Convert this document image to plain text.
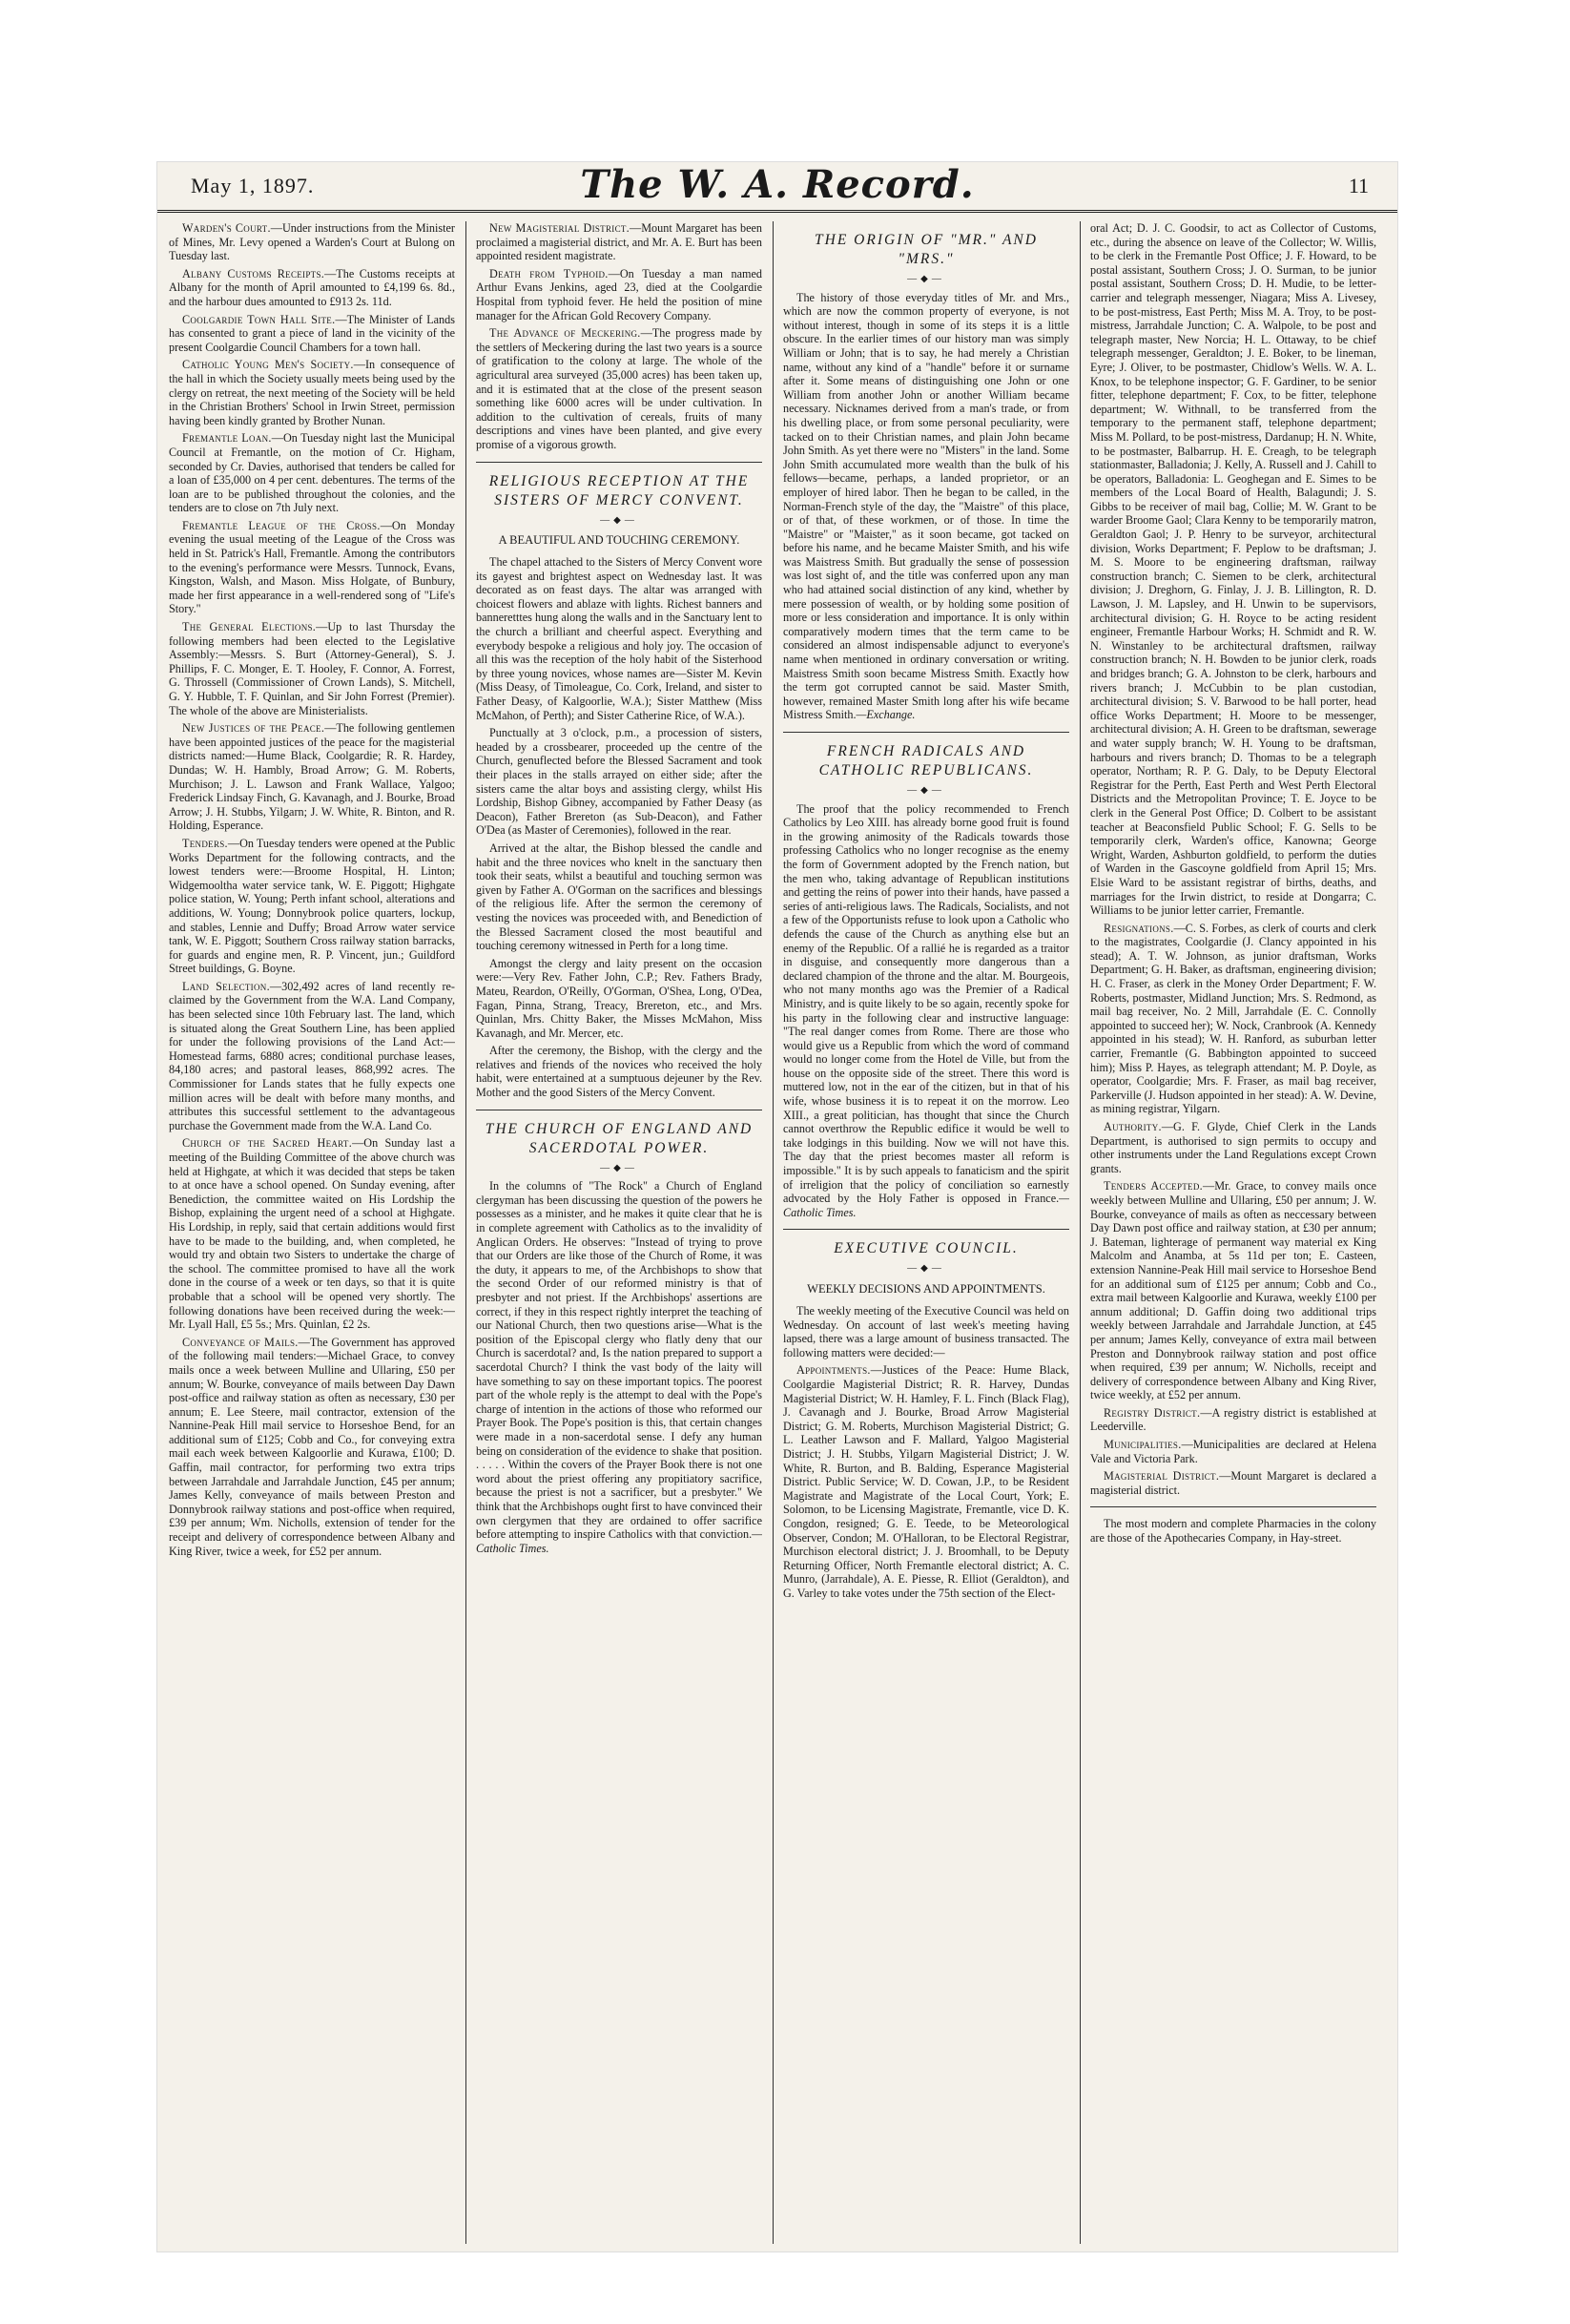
May 1, 1897.	The W. A. Record.	11

Warden's Court.—Under instructions from the Minister of Mines, Mr. Levy opened a Warden's Court at Bulong on Tuesday last.

Albany Customs Receipts.—The Customs receipts at Albany for the month of April amounted to £4,199 6s. 8d., and the harbour dues amounted to £913 2s. 11d.

Coolgardie Town Hall Site.—The Minister of Lands has consented to grant a piece of land in the vicinity of the present Coolgardie Council Chambers for a town hall.

Catholic Young Men's Society.—In consequence of the hall in which the Society usually meets being used by the clergy on retreat, the next meeting of the Society will be held in the Christian Brothers' School in Irwin Street, permission having been kindly granted by Brother Nunan.

Fremantle Loan.—On Tuesday night last the Municipal Council at Fremantle, on the motion of Cr. Higham, seconded by Cr. Davies, authorised that tenders be called for a loan of £35,000 on 4 per cent. debentures. The terms of the loan are to be published throughout the colonies, and the tenders are to close on 7th July next.

Fremantle League of the Cross.—On Monday evening the usual meeting of the League of the Cross was held in St. Patrick's Hall, Fremantle. Among the contributors to the evening's performance were Messrs. Tunnock, Evans, Kingston, Walsh, and Mason. Miss Holgate, of Bunbury, made her first appearance in a well-rendered song of "Life's Story."

The General Elections.—Up to last Thursday the following members had been elected to the Legislative Assembly:—Messrs. S. Burt (Attorney-General), S. J. Phillips, F. C. Monger, E. T. Hooley, F. Connor, A. Forrest, G. Throssell (Commissioner of Crown Lands), S. Mitchell, G. Y. Hubble, T. F. Quinlan, and Sir John Forrest (Premier). The whole of the above are Ministerialists.

New Justices of the Peace.—The following gentlemen have been appointed justices of the peace for the magisterial districts named:—Hume Black, Coolgardie; R. R. Hardey, Dundas; W. H. Hambly, Broad Arrow; G. M. Roberts, Murchison; J. L. Lawson and Frank Wallace, Yalgoo; Frederick Lindsay Finch, G. Kavanagh, and J. Bourke, Broad Arrow; J. H. Stubbs, Yilgarn; J. W. White, R. Binton, and R. Holding, Esperance.

Tenders.—On Tuesday tenders were opened at the Public Works Department for the following contracts, and the lowest tenders were:—Broome Hospital, H. Linton; Widgemooltha water service tank, W. E. Piggott; Highgate police station, W. Young; Perth infant school, alterations and additions, W. Young; Donnybrook police quarters, lockup, and stables, Lennie and Duffy; Broad Arrow water service tank, W. E. Piggott; Southern Cross railway station barracks, for guards and engine men, R. P. Vincent, jun.; Guildford Street buildings, G. Boyne.

Land Selection.—302,492 acres of land recently re-claimed by the Government from the W.A. Land Company, has been selected since 10th February last. The land, which is situated along the Great Southern Line, has been applied for under the following provisions of the Land Act:—Homestead farms, 6880 acres; conditional purchase leases, 84,180 acres; and pastoral leases, 868,992 acres. The Commissioner for Lands states that he fully expects one million acres will be dealt with before many months, and attributes this successful settlement to the advantageous purchase the Government made from the W.A. Land Co.

Church of the Sacred Heart.—On Sunday last a meeting of the Building Committee of the above church was held at Highgate, at which it was decided that steps be taken to at once have a school opened. On Sunday evening, after Benediction, the committee waited on His Lordship the Bishop, explaining the urgent need of a school at Highgate. His Lordship, in reply, said that certain additions would first have to be made to the building, and, when completed, he would try and obtain two Sisters to undertake the charge of the school. The committee promised to have all the work done in the course of a week or ten days, so that it is quite probable that a school will be opened very shortly. The following donations have been received during the week:—Mr. Lyall Hall, £5 5s.; Mrs. Quinlan, £2 2s.

Conveyance of Mails.—The Government has approved of the following mail tenders:—Michael Grace, to convey mails once a week between Mulline and Ullaring, £50 per annum; W. Bourke, conveyance of mails between Day Dawn post-office and railway station as often as necessary, £30 per annum; E. Lee Steere, mail contractor, extension of the Nannine-Peak Hill mail service to Horseshoe Bend, for an additional sum of £125; Cobb and Co., for conveying extra mail each week between Kalgoorlie and Kurawa, £100; D. Gaffin, mail contractor, for performing two extra trips between Jarrahdale and Jarrahdale Junction, £45 per annum; James Kelly, conveyance of mails between Preston and Donnybrook railway stations and post-office when required, £39 per annum; Wm. Nicholls, extension of tender for the receipt and delivery of correspondence between Albany and King River, twice a week, for £52 per annum.

New Magisterial District.—Mount Margaret has been proclaimed a magisterial district, and Mr. A. E. Burt has been appointed resident magistrate.

Death from Typhoid.—On Tuesday a man named Arthur Evans Jenkins, aged 23, died at the Coolgardie Hospital from typhoid fever. He held the position of mine manager for the African Gold Recovery Company.

The Advance of Meckering.—The progress made by the settlers of Meckering during the last two years is a source of gratification to the colony at large. The whole of the agricultural area surveyed (35,000 acres) has been taken up, and it is estimated that at the close of the present season something like 6000 acres will be under cultivation. In addition to the cultivation of cereals, fruits of many descriptions and vines have been planted, and give every promise of a vigorous growth.

RELIGIOUS RECEPTION AT THE SISTERS OF MERCY CONVENT.
—◆—
A BEAUTIFUL AND TOUCHING CEREMONY.

The chapel attached to the Sisters of Mercy Convent wore its gayest and brightest aspect on Wednesday last. It was decorated as on feast days. The altar was arranged with choicest flowers and ablaze with lights. Richest banners and banneretttes hung along the walls and in the Sanctuary lent to the church a brilliant and cheerful aspect. Everything and everybody bespoke a religious and holy joy. The occasion of all this was the reception of the holy habit of the Sisterhood by three young novices, whose names are—Sister M. Kevin (Miss Deasy, of Timoleague, Co. Cork, Ireland, and sister to Father Deasy, of Kalgoorlie, W.A.); Sister Matthew (Miss McMahon, of Perth); and Sister Catherine Rice, of W.A.).

Punctually at 3 o'clock, p.m., a procession of sisters, headed by a crossbearer, proceeded up the centre of the Church, genuflected before the Blessed Sacrament and took their places in the stalls arrayed on either side; after the sisters came the altar boys and assisting clergy, whilst His Lordship, Bishop Gibney, accompanied by Father Deasy (as Deacon), Father Brereton (as Sub-Deacon), and Father O'Dea (as Master of Ceremonies), followed in the rear.

Arrived at the altar, the Bishop blessed the candle and habit and the three novices who knelt in the sanctuary then took their seats, whilst a beautiful and touching sermon was given by Father A. O'Gorman on the sacrifices and blessings of the religious life. After the sermon the ceremony of vesting the novices was proceeded with, and Benediction of the Blessed Sacrament closed the most beautiful and touching ceremony witnessed in Perth for a long time.

Amongst the clergy and laity present on the occasion were:—Very Rev. Father John, C.P.; Rev. Fathers Brady, Mateu, Reardon, O'Reilly, O'Gorman, O'Shea, Long, O'Dea, Fagan, Pinna, Strang, Treacy, Brereton, etc., and Mrs. Quinlan, Mrs. Chitty Baker, the Misses McMahon, Miss Kavanagh, and Mr. Mercer, etc.

After the ceremony, the Bishop, with the clergy and the relatives and friends of the novices who received the holy habit, were entertained at a sumptuous dejeuner by the Rev. Mother and the good Sisters of the Mercy Convent.

THE CHURCH OF ENGLAND AND SACERDOTAL POWER.
—◆—

In the columns of "The Rock" a Church of England clergyman has been discussing the question of the powers he possesses as a minister, and he makes it quite clear that he is in complete agreement with Catholics as to the invalidity of Anglican Orders. He observes: "Instead of trying to prove that our Orders are like those of the Church of Rome, it was the duty, it appears to me, of the Archbishops to show that the second Order of our reformed ministry is that of presbyter and not priest. If the Archbishops' assertions are correct, if they in this respect rightly interpret the teaching of our National Church, then two questions arise—What is the position of the Episcopal clergy who flatly deny that our Church is sacerdotal? and, Is the nation prepared to support a sacerdotal Church? I think the vast body of the laity will have something to say on these important topics. The poorest part of the whole reply is the attempt to deal with the Pope's charge of intention in the actions of those who reformed our Prayer Book. The Pope's position is this, that certain changes were made in a non-sacerdotal sense. I defy any human being on consideration of the evidence to shake that position. . . . . . Within the covers of the Prayer Book there is not one word about the priest offering any propitiatory sacrifice, because the priest is not a sacrificer, but a presbyter." We think that the Archbishops ought first to have convinced their own clergymen that they are ordained to offer sacrifice before attempting to inspire Catholics with that conviction.—Catholic Times.

THE ORIGIN OF "MR." AND "MRS."
—◆—

The history of those everyday titles of Mr. and Mrs., which are now the common property of everyone, is not without interest, though in some of its steps it is a little obscure. In the earlier times of our history man was simply William or John; that is to say, he had merely a Christian name, without any kind of a "handle" before it or surname after it. Some means of distinguishing one John or one William from another John or another William became necessary. Nicknames derived from a man's trade, or from his dwelling place, or from some personal peculiarity, were tacked on to their Christian names, and plain John became John Smith. As yet there were no "Misters" in the land. Some John Smith accumulated more wealth than the bulk of his fellows—became, perhaps, a landed proprietor, or an employer of hired labor. Then he began to be called, in the Norman-French style of the day, the "Maistre" of this place, or of that, of these workmen, or of those. In time the "Maistre" or "Maister," as it soon became, got tacked on before his name, and he became Maister Smith, and his wife was Maistress Smith. But gradually the sense of possession was lost sight of, and the title was conferred upon any man who had attained social distinction of any kind, whether by mere possession of wealth, or by holding some position of more or less consideration and importance. It is only within comparatively modern times that the term came to be considered an almost indispensable adjunct to everyone's name when mentioned in ordinary conversation or writing. Maistress Smith soon became Mistress Smith. Exactly how the term got corrupted cannot be said. Master Smith, however, remained Master Smith long after his wife became Mistress Smith.—Exchange.

FRENCH RADICALS AND CATHOLIC REPUBLICANS.
—◆—

The proof that the policy recommended to French Catholics by Leo XIII. has already borne good fruit is found in the growing animosity of the Radicals towards those professing Catholics who no longer recognise as the enemy the form of Government adopted by the French nation, but the men who, taking advantage of Republican institutions and getting the reins of power into their hands, have passed a series of anti-religious laws. The Radicals, Socialists, and not a few of the Opportunists refuse to look upon a Catholic who defends the cause of the Church as anything else but an enemy of the Republic. Of a rallié he is regarded as a traitor in disguise, and consequently more dangerous than a declared champion of the throne and the altar. M. Bourgeois, who not many months ago was the Premier of a Radical Ministry, and is quite likely to be so again, recently spoke for his party in the following clear and instructive language: "The real danger comes from Rome. There are those who would give us a Republic from which the word of command would no longer come from the Hotel de Ville, but from the house on the opposite side of the street. There this word is muttered low, not in the ear of the citizen, but in that of his wife, whose business it is to repeat it on the morrow. Leo XIII., a great politician, has thought that since the Church cannot overthrow the Republic edifice it would be well to take lodgings in this building. Now we will not have this. The day that the priest becomes master all reform is impossible." It is by such appeals to fanaticism and the spirit of irreligion that the policy of conciliation so earnestly advocated by the Holy Father is opposed in France.—Catholic Times.

EXECUTIVE COUNCIL.
—◆—
WEEKLY DECISIONS AND APPOINTMENTS.

The weekly meeting of the Executive Council was held on Wednesday. On account of last week's meeting having lapsed, there was a large amount of business transacted. The following matters were decided:—

Appointments.—Justices of the Peace: Hume Black, Coolgardie Magisterial District; R. R. Harvey, Dundas Magisterial District; W. H. Hamley, F. L. Finch (Black Flag), J. Cavanagh and J. Bourke, Broad Arrow Magisterial District; G. M. Roberts, Murchison Magisterial District; G. L. Leather Lawson and F. Mallard, Yalgoo Magisterial District; J. H. Stubbs, Yilgarn Magisterial District; J. W. White, R. Burton, and B. Balding, Esperance Magisterial District. Public Service; W. D. Cowan, J.P., to be Resident Magistrate and Magistrate of the Local Court, York; E. Solomon, to be Licensing Magistrate, Fremantle, vice D. K. Congdon, resigned; G. E. Teede, to be Meteorological Observer, Condon; M. O'Halloran, to be Electoral Registrar, Murchison electoral district; J. J. Broomhall, to be Deputy Returning Officer, North Fremantle electoral district; A. C. Munro, (Jarrahdale), A. E. Piesse, R. Elliot (Geraldton), and G. Varley to take votes under the 75th section of the Elect-

oral Act; D. J. C. Goodsir, to act as Collector of Customs, etc., during the absence on leave of the Collector; W. Willis, to be clerk in the Fremantle Post Office; J. F. Howard, to be postal assistant, Southern Cross; J. O. Surman, to be junior postal assistant, Southern Cross; D. H. Mudie, to be letter-carrier and telegraph messenger, Niagara; Miss A. Livesey, to be post-mistress, East Perth; Miss M. A. Troy, to be post-mistress, Jarrahdale Junction; C. A. Walpole, to be post and telegraph master, New Norcia; H. L. Ottaway, to be chief telegraph messenger, Geraldton; J. E. Boker, to be lineman, Eyre; J. Oliver, to be postmaster, Chidlow's Wells. W. A. L. Knox, to be telephone inspector; G. F. Gardiner, to be senior fitter, telephone department; F. Cox, to be fitter, telephone department; W. Withnall, to be transferred from the temporary to the permanent staff, telephone department; Miss M. Pollard, to be post-mistress, Dardanup; H. N. White, to be postmaster, Balbarrup. H. E. Creagh, to be telegraph stationmaster, Balladonia; J. Kelly, A. Russell and J. Cahill to be operators, Balladonia: L. Geoghegan and E. Simes to be members of the Local Board of Health, Balagundi; J. S. Gibbs to be receiver of mail bag, Collie; M. W. Grant to be warder Broome Gaol; Clara Kenny to be temporarily matron, Geraldton Gaol; J. P. Henry to be surveyor, architectural division, Works Department; F. Peplow to be draftsman; J. M. S. Moore to be engineering draftsman, railway construction branch; C. Siemen to be clerk, architectural division; J. Dreghorn, G. Finlay, J. J. B. Lillington, R. D. Lawson, J. M. Lapsley, and H. Unwin to be supervisors, architectural division; G. H. Royce to be acting resident engineer, Fremantle Harbour Works; H. Schmidt and R. W. N. Winstanley to be architectural draftsmen, railway construction branch; N. H. Bowden to be junior clerk, roads and bridges branch; G. A. Johnston to be clerk, harbours and rivers branch; J. McCubbin to be plan custodian, architectural division; S. V. Barwood to be hall porter, head office Works Department; H. Moore to be messenger, architectural division; A. H. Green to be draftsman, sewerage and water supply branch; W. H. Young to be draftsman, harbours and rivers branch; D. Thomas to be a telegraph operator, Northam; R. P. G. Daly, to be Deputy Electoral Registrar for the Perth, East Perth and West Perth Electoral Districts and the Metropolitan Province; T. E. Joyce to be clerk in the General Post Office; D. Colbert to be assistant teacher at Beaconsfield Public School; F. G. Sells to be temporarily clerk, Warden's office, Kanowna; George Wright, Warden, Ashburton goldfield, to perform the duties of Warden in the Gascoyne goldfield from April 15; Mrs. Elsie Ward to be assistant registrar of births, deaths, and marriages for the Irwin district, to reside at Dongarra; C. Williams to be junior letter carrier, Fremantle.

Resignations.—C. S. Forbes, as clerk of courts and clerk to the magistrates, Coolgardie (J. Clancy appointed in his stead); A. T. W. Johnson, as junior draftsman, Works Department; G. H. Baker, as draftsman, engineering division; H. C. Fraser, as clerk in the Money Order Department; F. W. Roberts, postmaster, Midland Junction; Mrs. S. Redmond, as mail bag receiver, No. 2 Mill, Jarrahdale (E. C. Connolly appointed to succeed her); W. Nock, Cranbrook (A. Kennedy appointed in his stead); W. H. Ranford, as suburban letter carrier, Fremantle (G. Babbington appointed to succeed him); Miss P. Hayes, as telegraph attendant; M. P. Doyle, as operator, Coolgardie; Mrs. F. Fraser, as mail bag receiver, Parkerville (J. Hudson appointed in her stead): A. W. Devine, as mining registrar, Yilgarn.

Authority.—G. F. Glyde, Chief Clerk in the Lands Department, is authorised to sign permits to occupy and other instruments under the Land Regulations except Crown grants.

Tenders Accepted.—Mr. Grace, to convey mails once weekly between Mulline and Ullaring, £50 per annum; J. W. Bourke, conveyance of mails as often as neccessary between Day Dawn post office and railway station, at £30 per annum; J. Bateman, lighterage of permanent way material ex King Malcolm and Anamba, at 5s 11d per ton; E. Casteen, extension Nannine-Peak Hill mail service to Horseshoe Bend for an additional sum of £125 per annum; Cobb and Co., extra mail between Kalgoorlie and Kurawa, weekly £100 per annum additional; D. Gaffin doing two additional trips weekly between Jarrahdale and Jarrahdale Junction, at £45 per annum; James Kelly, conveyance of extra mail between Preston and Donnybrook railway station and post office when required, £39 per annum; W. Nicholls, receipt and delivery of correspondence between Albany and King River, twice weekly, at £52 per annum.

Registry District.—A registry district is established at Leederville.

Municipalities.—Municipalities are declared at Helena Vale and Victoria Park.

Magisterial District.—Mount Margaret is declared a magisterial district.

The most modern and complete Pharmacies in the colony are those of the Apothecaries Company, in Hay-street.
